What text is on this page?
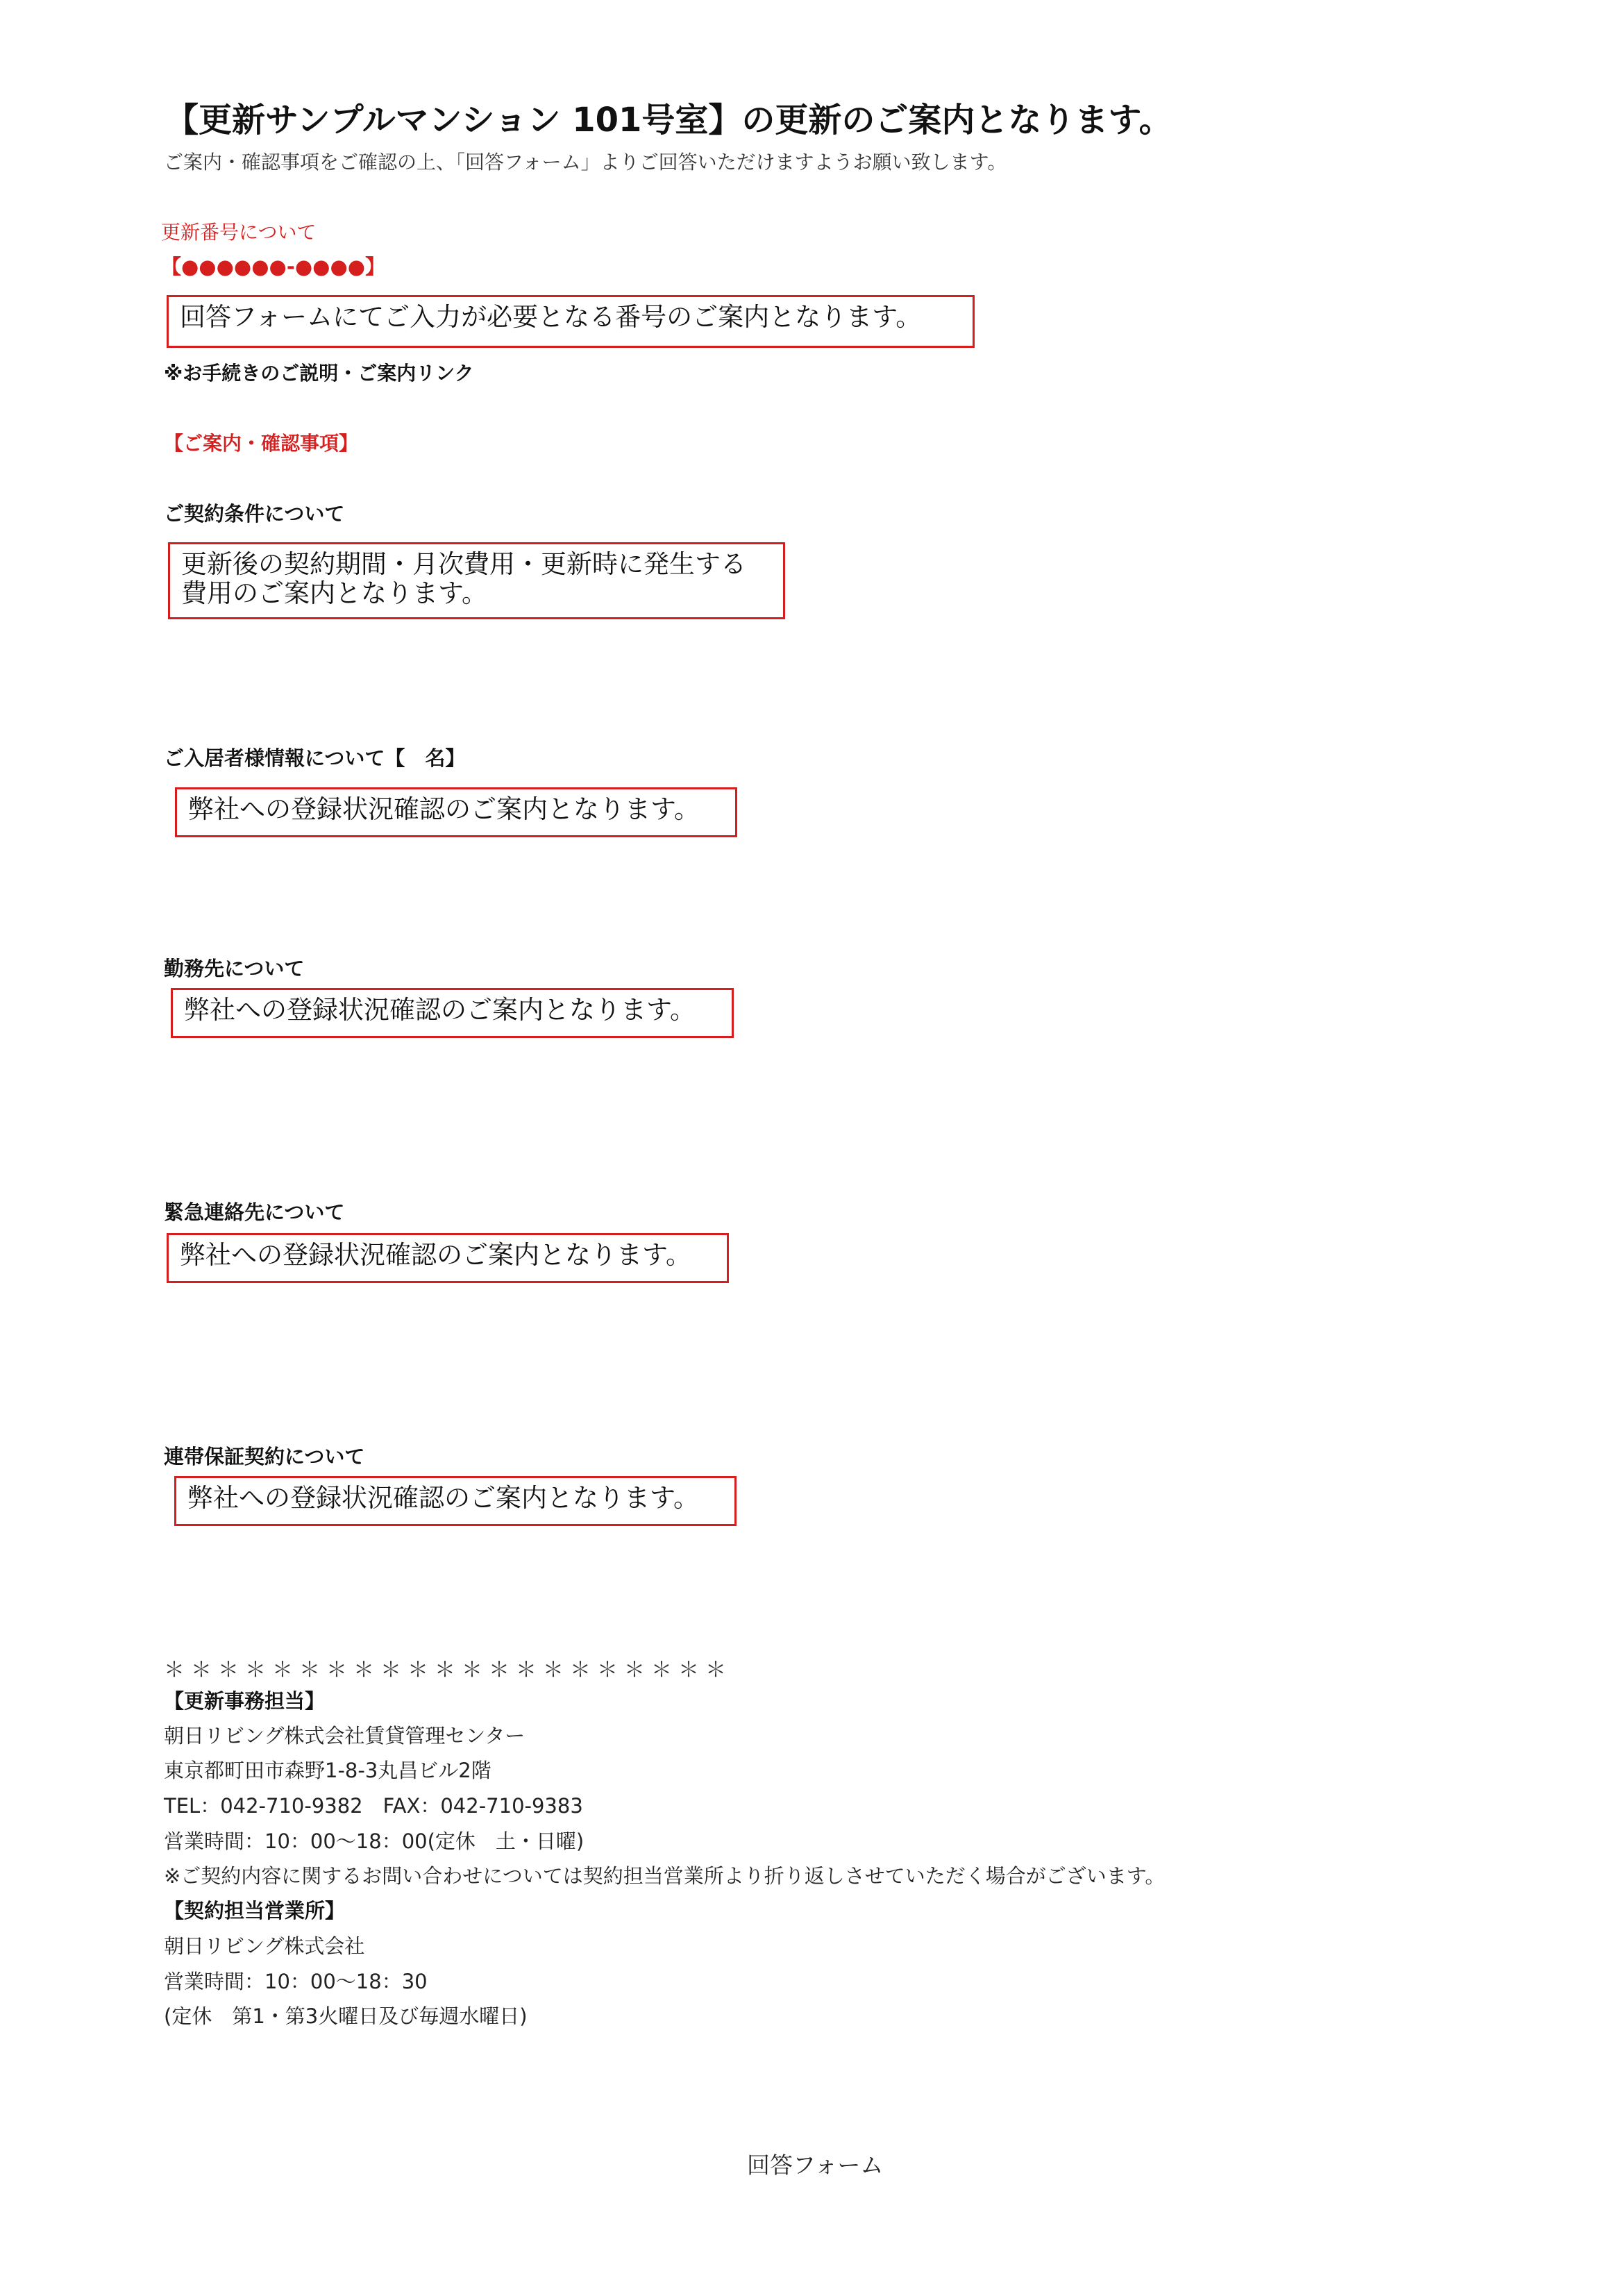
【更新サンプルマンション 101号室】の更新のご案内となります。
ご案内・確認事項をご確認の上、「回答フォーム」よりご回答いただけますようお願い致します。
更新番号について
【●●●●●●-●●●●】
回答フォームにてご入力が必要となる番号のご案内となります。
※お手続きのご説明・ご案内リンク
【ご案内・確認事項】
ご契約条件について
更新後の契約期間・月次費用・更新時に発生する
費用のご案内となります。
ご入居者様情報について【　名】
弊社への登録状況確認のご案内となります。
勤務先について
弊社への登録状況確認のご案内となります。
緊急連絡先について
弊社への登録状況確認のご案内となります。
連帯保証契約について
弊社への登録状況確認のご案内となります。
＊＊＊＊＊＊＊＊＊＊＊＊＊＊＊＊＊＊＊＊＊
【更新事務担当】
朝日リビング株式会社賃貸管理センター
東京都町田市森野1-8-3丸昌ビル2階
TEL：042-710-9382　FAX：042-710-9383
営業時間：10：00～18：00(定休　土・日曜)
※ご契約内容に関するお問い合わせについては契約担当営業所より折り返しさせていただく場合がございます。
【契約担当営業所】
朝日リビング株式会社
営業時間：10：00～18：30
(定休　第1・第3火曜日及び毎週水曜日)
回答フォーム
